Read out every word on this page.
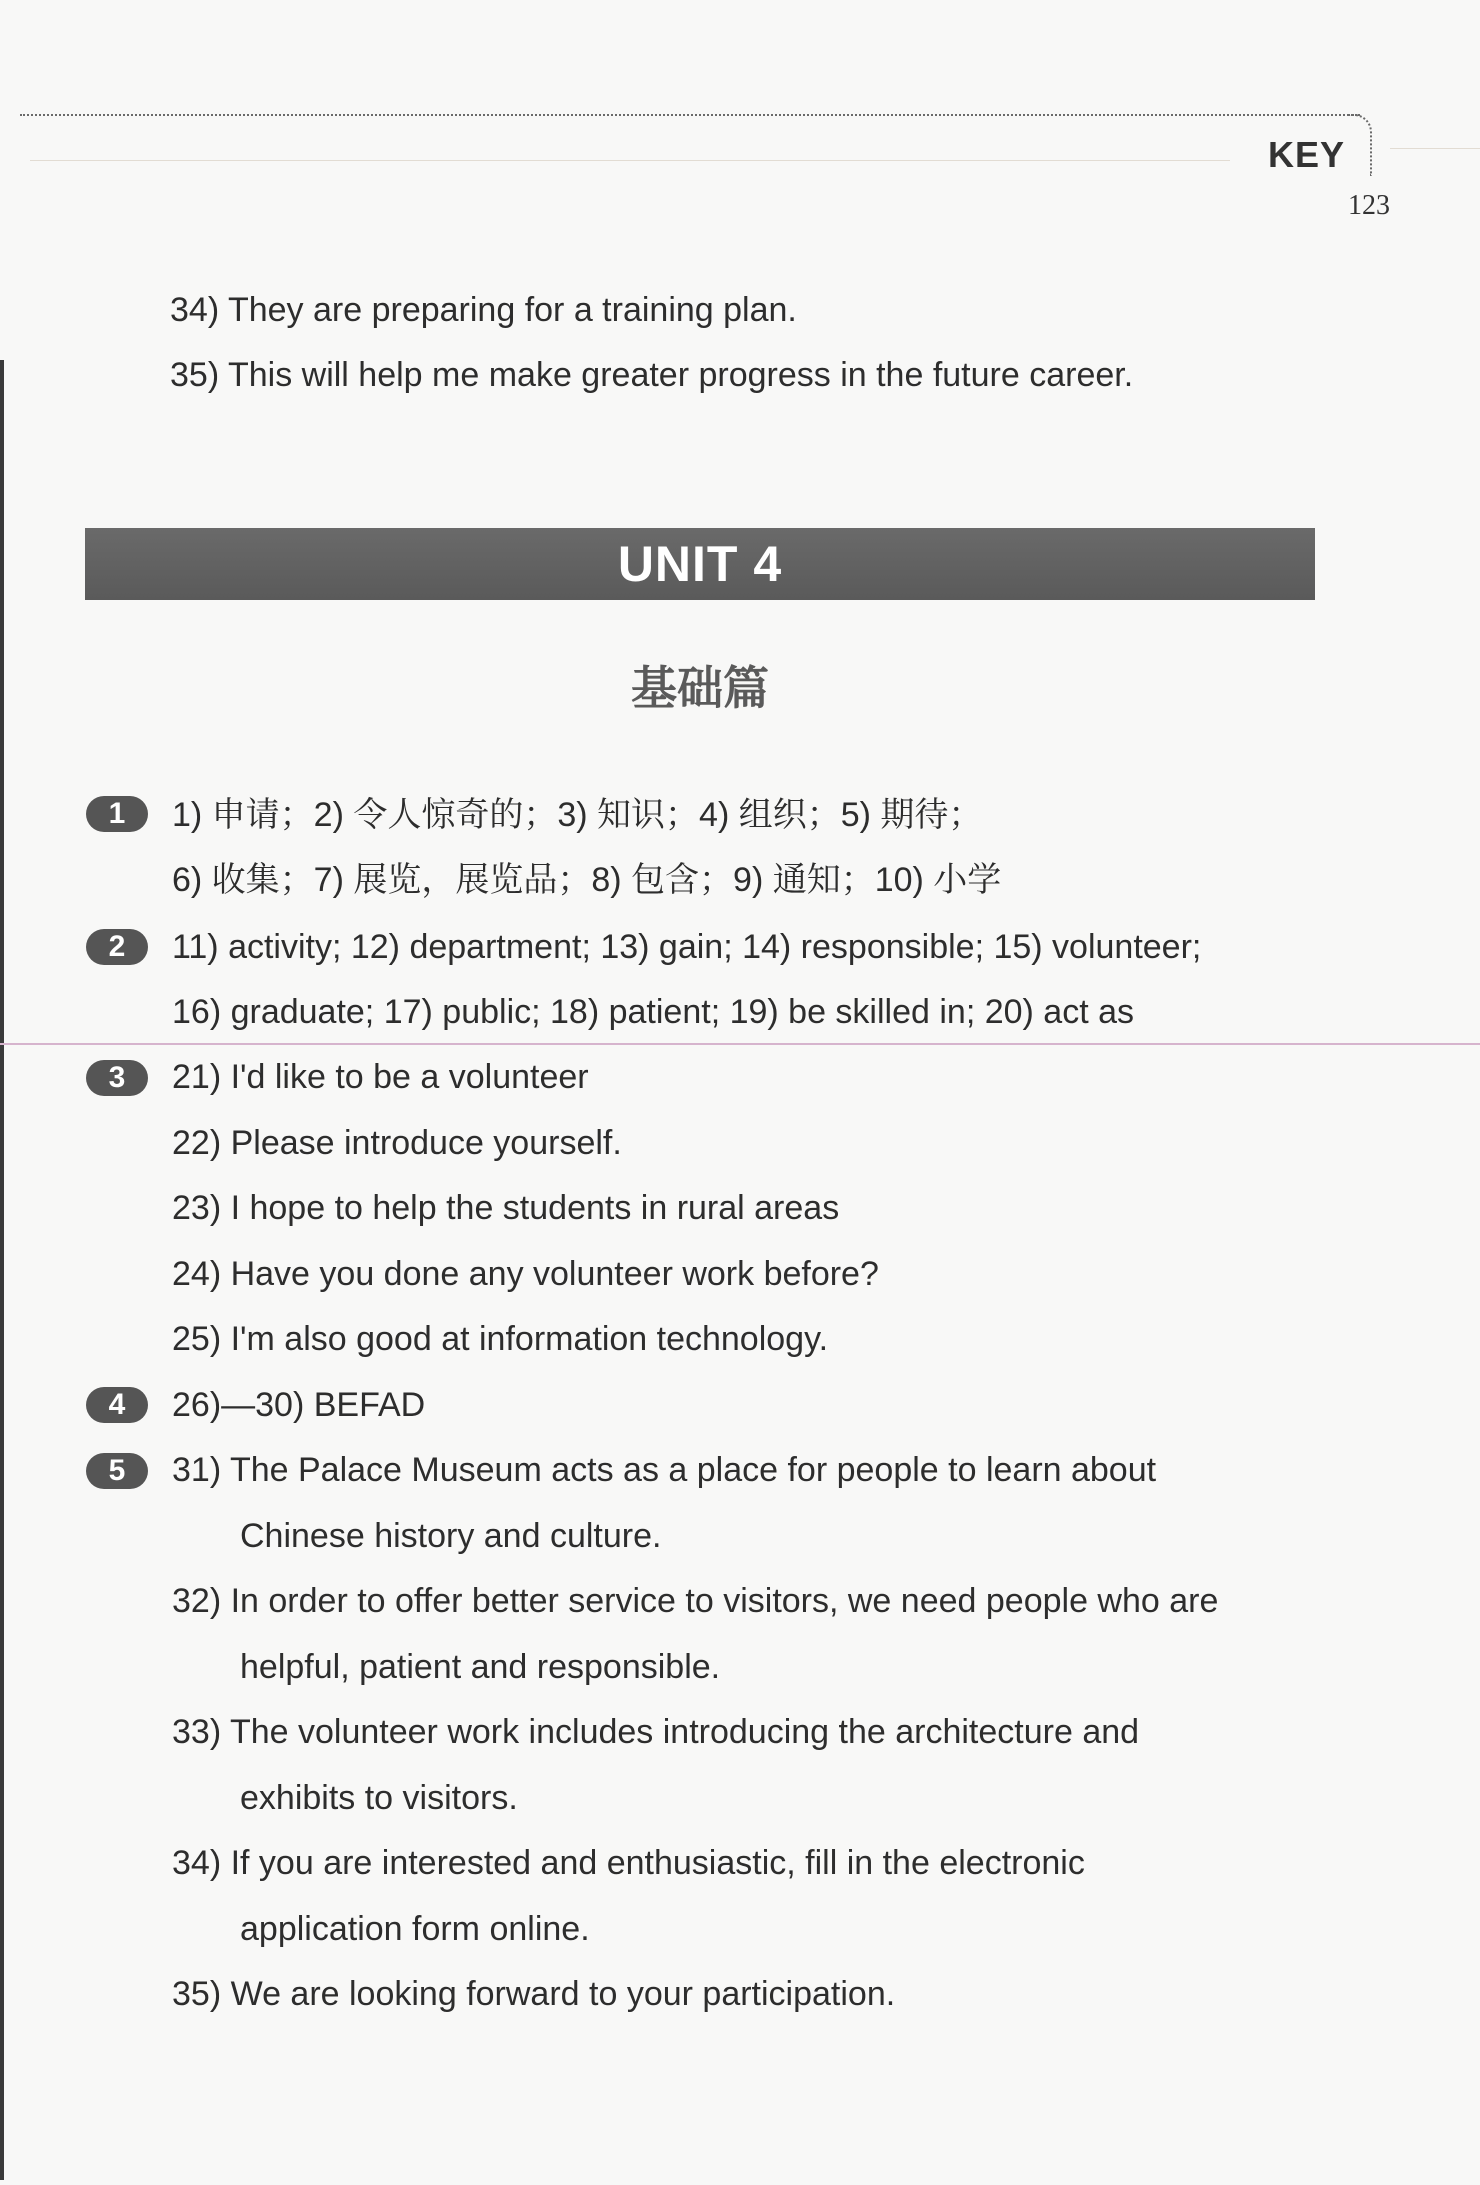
KEY
123
34) They are preparing for a training plan.
35) This will help me make greater progress in the future career.
UNIT 4
基础篇
1	1) 申请；2) 令人惊奇的；3) 知识；4) 组织；5) 期待；
6) 收集；7) 展览，展览品；8) 包含；9) 通知；10) 小学
2	11) activity; 12) department; 13) gain; 14) responsible; 15) volunteer;
16) graduate; 17) public; 18) patient; 19) be skilled in; 20) act as
3	21) I'd like to be a volunteer
22) Please introduce yourself.
23) I hope to help the students in rural areas
24) Have you done any volunteer work before?
25) I'm also good at information technology.
4	26)—30) BEFAD
5	31) The Palace Museum acts as a place for people to learn about
Chinese history and culture.
32) In order to offer better service to visitors, we need people who are
helpful, patient and responsible.
33) The volunteer work includes introducing the architecture and
exhibits to visitors.
34) If you are interested and enthusiastic, fill in the electronic
application form online.
35) We are looking forward to your participation.
